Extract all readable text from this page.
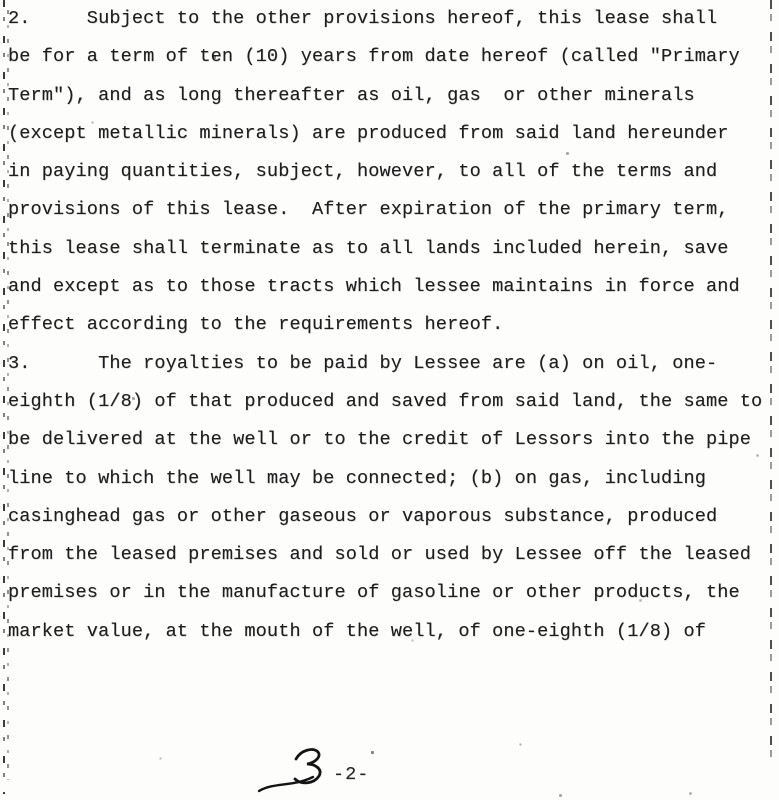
2.     Subject to the other provisions hereof, this lease shall
be for a term of ten (10) years from date hereof (called "Primary
Term"), and as long thereafter as oil, gas  or other minerals
(except metallic minerals) are produced from said land hereunder
in paying quantities, subject, however, to all of the terms and
provisions of this lease.  After expiration of the primary term,
this lease shall terminate as to all lands included herein, save
and except as to those tracts which lessee maintains in force and
effect according to the requirements hereof.
3.      The royalties to be paid by Lessee are (a) on oil, one-
eighth (1/8) of that produced and saved from said land, the same to
be delivered at the well or to the credit of Lessors into the pipe
line to which the well may be connected; (b) on gas, including
casinghead gas or other gaseous or vaporous substance, produced
from the leased premises and sold or used by Lessee off the leased
premises or in the manufacture of gasoline or other products, the
market value, at the mouth of the well, of one-eighth (1/8) of
-2-
